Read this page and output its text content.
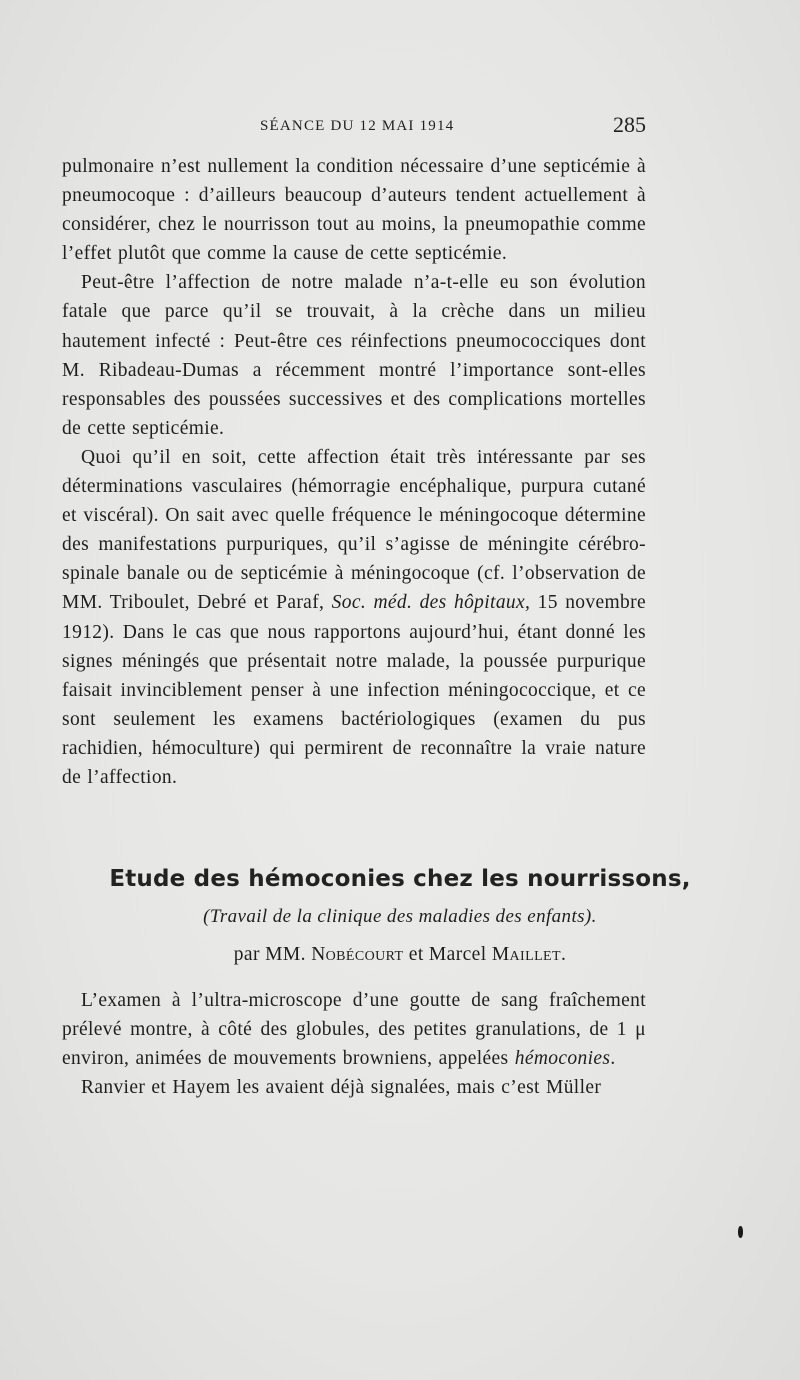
SÉANCE DU 12 MAI 1914	285

pulmonaire n’est nullement la condition nécessaire d’une septicémie à pneumocoque : d’ailleurs beaucoup d’auteurs tendent actuellement à considérer, chez le nourrisson tout au moins, la pneumopathie comme l’effet plutôt que comme la cause de cette septicémie.

Peut-être l’affection de notre malade n’a-t-elle eu son évolution fatale que parce qu’il se trouvait, à la crèche dans un milieu hautement infecté : Peut-être ces réinfections pneumococciques dont M. Ribadeau-Dumas a récemment montré l’importance sont-elles responsables des poussées successives et des complications mortelles de cette septicémie.

Quoi qu’il en soit, cette affection était très intéressante par ses déterminations vasculaires (hémorragie encéphalique, purpura cutané et viscéral). On sait avec quelle fréquence le méningocoque détermine des manifestations purpuriques, qu’il s’agisse de méningite cérébro-spinale banale ou de septicémie à méningocoque (cf. l’observation de MM. Triboulet, Debré et Paraf, Soc. méd. des hôpitaux, 15 novembre 1912). Dans le cas que nous rapportons aujourd’hui, étant donné les signes méningés que présentait notre malade, la poussée purpurique faisait invinciblement penser à une infection méningococcique, et ce sont seulement les examens bactériologiques (examen du pus rachidien, hémoculture) qui permirent de reconnaître la vraie nature de l’affection.

Etude des hémoconies chez les nourrissons,
(Travail de la clinique des maladies des enfants).
par MM. Nobécourt et Marcel Maillet.

L’examen à l’ultra-microscope d’une goutte de sang fraîchement prélevé montre, à côté des globules, des petites granulations, de 1 μ environ, animées de mouvements browniens, appelées hémoconies.

Ranvier et Hayem les avaient déjà signalées, mais c’est Müller
